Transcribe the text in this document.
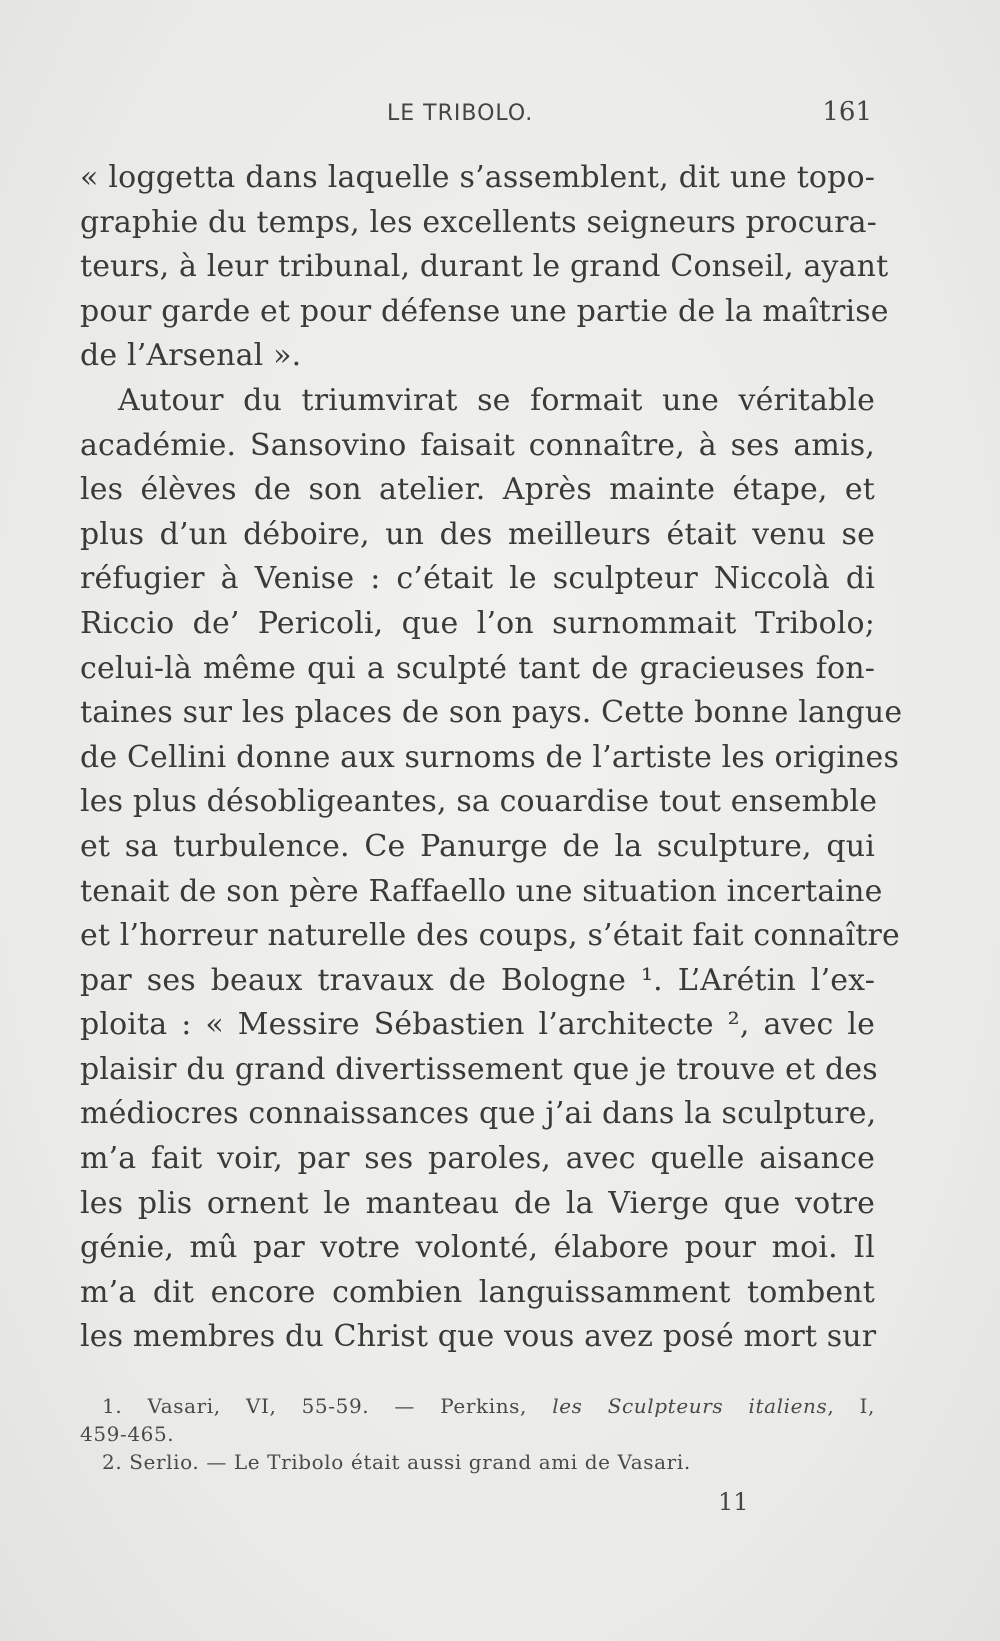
LE TRIBOLO.	161
« loggetta dans laquelle s’assemblent, dit une topo-
graphie du temps, les excellents seigneurs procura-
teurs, à leur tribunal, durant le grand Conseil, ayant
pour garde et pour défense une partie de la maîtrise
de l’Arsenal ».
Autour du triumvirat se formait une véritable
académie. Sansovino faisait connaître, à ses amis,
les élèves de son atelier. Après mainte étape, et
plus d’un déboire, un des meilleurs était venu se
réfugier à Venise : c’était le sculpteur Niccolà di
Riccio de’ Pericoli, que l’on surnommait Tribolo;
celui-là même qui a sculpté tant de gracieuses fon-
taines sur les places de son pays. Cette bonne langue
de Cellini donne aux surnoms de l’artiste les origines
les plus désobligeantes, sa couardise tout ensemble
et sa turbulence. Ce Panurge de la sculpture, qui
tenait de son père Raffaello une situation incertaine
et l’horreur naturelle des coups, s’était fait connaître
par ses beaux travaux de Bologne ¹. L’Arétin l’ex-
ploita : « Messire Sébastien l’architecte ², avec le
plaisir du grand divertissement que je trouve et des
médiocres connaissances que j’ai dans la sculpture,
m’a fait voir, par ses paroles, avec quelle aisance
les plis ornent le manteau de la Vierge que votre
génie, mû par votre volonté, élabore pour moi. Il
m’a dit encore combien languissamment tombent
les membres du Christ que vous avez posé mort sur
1. Vasari, VI, 55-59. — Perkins, les Sculpteurs italiens, I,
459-465.
2. Serlio. — Le Tribolo était aussi grand ami de Vasari.
11
